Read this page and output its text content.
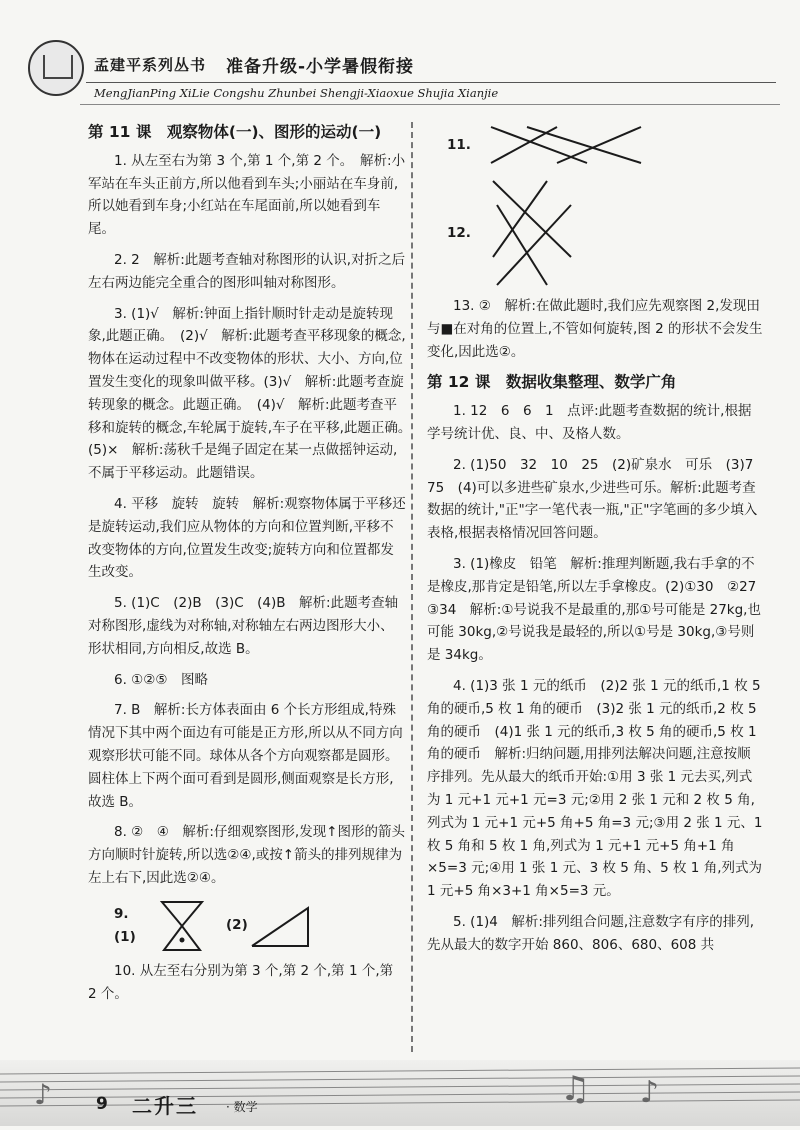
孟建平系列丛书 准备升级-小学暑假衔接
MengJianPing XiLie Congshu Zhunbei Shengji-Xiaoxue Shujia Xianjie
第 11 课　观察物体(一)、图形的运动(一)

1. 从左至右为第 3 个,第 1 个,第 2 个。　解析:小军站在车头正前方,所以他看到车头;小丽站在车身前,所以她看到车身;小红站在车尾面前,所以她看到车尾。

2. 2　解析:此题考查轴对称图形的认识,对折之后左右两边能完全重合的图形叫轴对称图形。

3. (1)√　解析:钟面上指针顺时针走动是旋转现象,此题正确。　(2)√　解析:此题考查平移现象的概念,物体在运动过程中不改变物体的形状、大小、方向,位置发生变化的现象叫做平移。(3)√　解析:此题考查旋转现象的概念。此题正确。　(4)√　解析:此题考查平移和旋转的概念,车轮属于旋转,车子在平移,此题正确。　(5)×　解析:荡秋千是绳子固定在某一点做摇钟运动,不属于平移运动。此题错误。

4. 平移　旋转　旋转　解析:观察物体属于平移还是旋转运动,我们应从物体的方向和位置判断,平移不改变物体的方向,位置发生改变;旋转方向和位置都发生改变。

5. (1)C　(2)B　(3)C　(4)B　解析:此题考查轴对称图形,虚线为对称轴,对称轴左右两边图形大小、形状相同,方向相反,故选 B。

6. ①②⑤　图略

7. B　解析:长方体表面由 6 个长方形组成,特殊情况下其中两个面边有可能是正方形,所以从不同方向观察形状可能不同。球体从各个方向观察都是圆形。圆柱体上下两个面可看到是圆形,侧面观察是长方形,故选 B。

8. ②　④　解析:仔细观察图形,发现↑图形的箭头方向顺时针旋转,所以选②④,或按↑箭头的排列规律为左上右下,因此选②④。

9. (1)
(2)

10. 从左至右分别为第 3 个,第 2 个,第 1 个,第 2 个。

11.
12.

13. ②　解析:在做此题时,我们应先观察图 2,发现田与■在对角的位置上,不管如何旋转,图 2 的形状不会发生变化,因此选②。

第 12 课　数据收集整理、数学广角

1. 12　6　6　1　点评:此题考查数据的统计,根据学号统计优、良、中、及格人数。

2. (1)50　32　10　25　(2)矿泉水　可乐　(3)7　75　(4)可以多进些矿泉水,少进些可乐。解析:此题考查数据的统计,"正"字一笔代表一瓶,"正"字笔画的多少填入表格,根据表格情况回答问题。

3. (1)橡皮　铅笔　解析:推理判断题,我右手拿的不是橡皮,那肯定是铅笔,所以左手拿橡皮。(2)①30　②27　③34　解析:①号说我不是最重的,那①号可能是 27kg,也可能 30kg,②号说我是最轻的,所以①号是 30kg,③号则是 34kg。

4. (1)3 张 1 元的纸币　(2)2 张 1 元的纸币,1 枚 5 角的硬币,5 枚 1 角的硬币　(3)2 张 1 元的纸币,2 枚 5 角的硬币　(4)1 张 1 元的纸币,3 枚 5 角的硬币,5 枚 1 角的硬币　解析:归纳问题,用排列法解决问题,注意按顺序排列。先从最大的纸币开始:①用 3 张 1 元去买,列式为 1 元+1 元+1 元=3 元;②用 2 张 1 元和 2 枚 5 角,列式为 1 元+1 元+5 角+5 角=3 元;③用 2 张 1 元、1 枚 5 角和 5 枚 1 角,列式为 1 元+1 元+5 角+1 角×5=3 元;④用 1 张 1 元、3 枚 5 角、5 枚 1 角,列式为 1 元+5 角×3+1 角×5=3 元。

5. (1)4　解析:排列组合问题,注意数字有序的排列,先从最大的数字开始 860、806、680、608 共

♫ ♪
♪	9 二升三 · 数学
